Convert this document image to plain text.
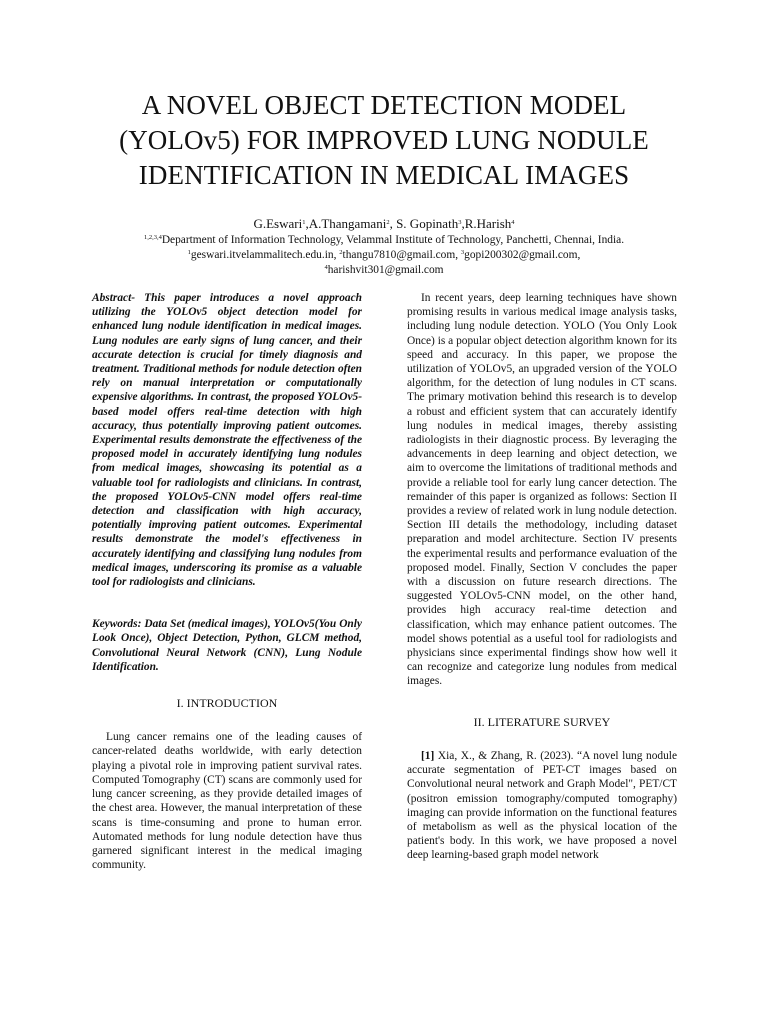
A NOVEL OBJECT DETECTION MODEL
(YOLOv5) FOR IMPROVED LUNG NODULE
IDENTIFICATION IN MEDICAL IMAGES
G.Eswari$^1$,A.Thangamani$^2$, S. Gopinath$^3$,R.Harish$^4$
$^{1,2,3,4}$Department of Information Technology, Velammal Institute of Technology, Panchetti, Chennai, India.
$^1$geswari.itvelammalitech.edu.in, $^2$thangu7810@gmail.com, $^3$gopi200302@gmail.com,
$^4$harishvit301@gmail.com

Abstract- This paper introduces a novel approach utilizing the YOLOv5 object detection model for enhanced lung nodule identification in medical images. Lung nodules are early signs of lung cancer, and their accurate detection is crucial for timely diagnosis and treatment. Traditional methods for nodule detection often rely on manual interpretation or computationally expensive algorithms. In contrast, the proposed YOLOv5-based model offers real-time detection with high accuracy, thus potentially improving patient outcomes. Experimental results demonstrate the effectiveness of the proposed model in accurately identifying lung nodules from medical images, showcasing its potential as a valuable tool for radiologists and clinicians. In contrast, the proposed YOLOv5-CNN model offers real-time detection and classification with high accuracy, potentially improving patient outcomes. Experimental results demonstrate the model's effectiveness in accurately identifying and classifying lung nodules from medical images, underscoring its promise as a valuable tool for radiologists and clinicians.

Keywords: Data Set (medical images), YOLOv5(You Only Look Once), Object Detection, Python, GLCM method, Convolutional Neural Network (CNN), Lung Nodule Identification.

I. INTRODUCTION

Lung cancer remains one of the leading causes of cancer-related deaths worldwide, with early detection playing a pivotal role in improving patient survival rates. Computed Tomography (CT) scans are commonly used for lung cancer screening, as they provide detailed images of the chest area. However, the manual interpretation of these scans is time-consuming and prone to human error. Automated methods for lung nodule detection have thus garnered significant interest in the medical imaging community.

In recent years, deep learning techniques have shown promising results in various medical image analysis tasks, including lung nodule detection. YOLO (You Only Look Once) is a popular object detection algorithm known for its speed and accuracy. In this paper, we propose the utilization of YOLOv5, an upgraded version of the YOLO algorithm, for the detection of lung nodules in CT scans. The primary motivation behind this research is to develop a robust and efficient system that can accurately identify lung nodules in medical images, thereby assisting radiologists in their diagnostic process. By leveraging the advancements in deep learning and object detection, we aim to overcome the limitations of traditional methods and provide a reliable tool for early lung cancer detection. The remainder of this paper is organized as follows: Section II provides a review of related work in lung nodule detection. Section III details the methodology, including dataset preparation and model architecture. Section IV presents the experimental results and performance evaluation of the proposed model. Finally, Section V concludes the paper with a discussion on future research directions. The suggested YOLOv5-CNN model, on the other hand, provides high accuracy real-time detection and classification, which may enhance patient outcomes. The model shows potential as a useful tool for radiologists and physicians since experimental findings show how well it can recognize and categorize lung nodules from medical images.

II. LITERATURE SURVEY

[1] Xia, X., & Zhang, R. (2023). “A novel lung nodule accurate segmentation of PET-CT images based on Convolutional neural network and Graph Model", PET/CT (positron emission tomography/computed tomography) imaging can provide information on the functional features of metabolism as well as the physical location of the patient's body. In this work, we have proposed a novel deep learning-based graph model network
